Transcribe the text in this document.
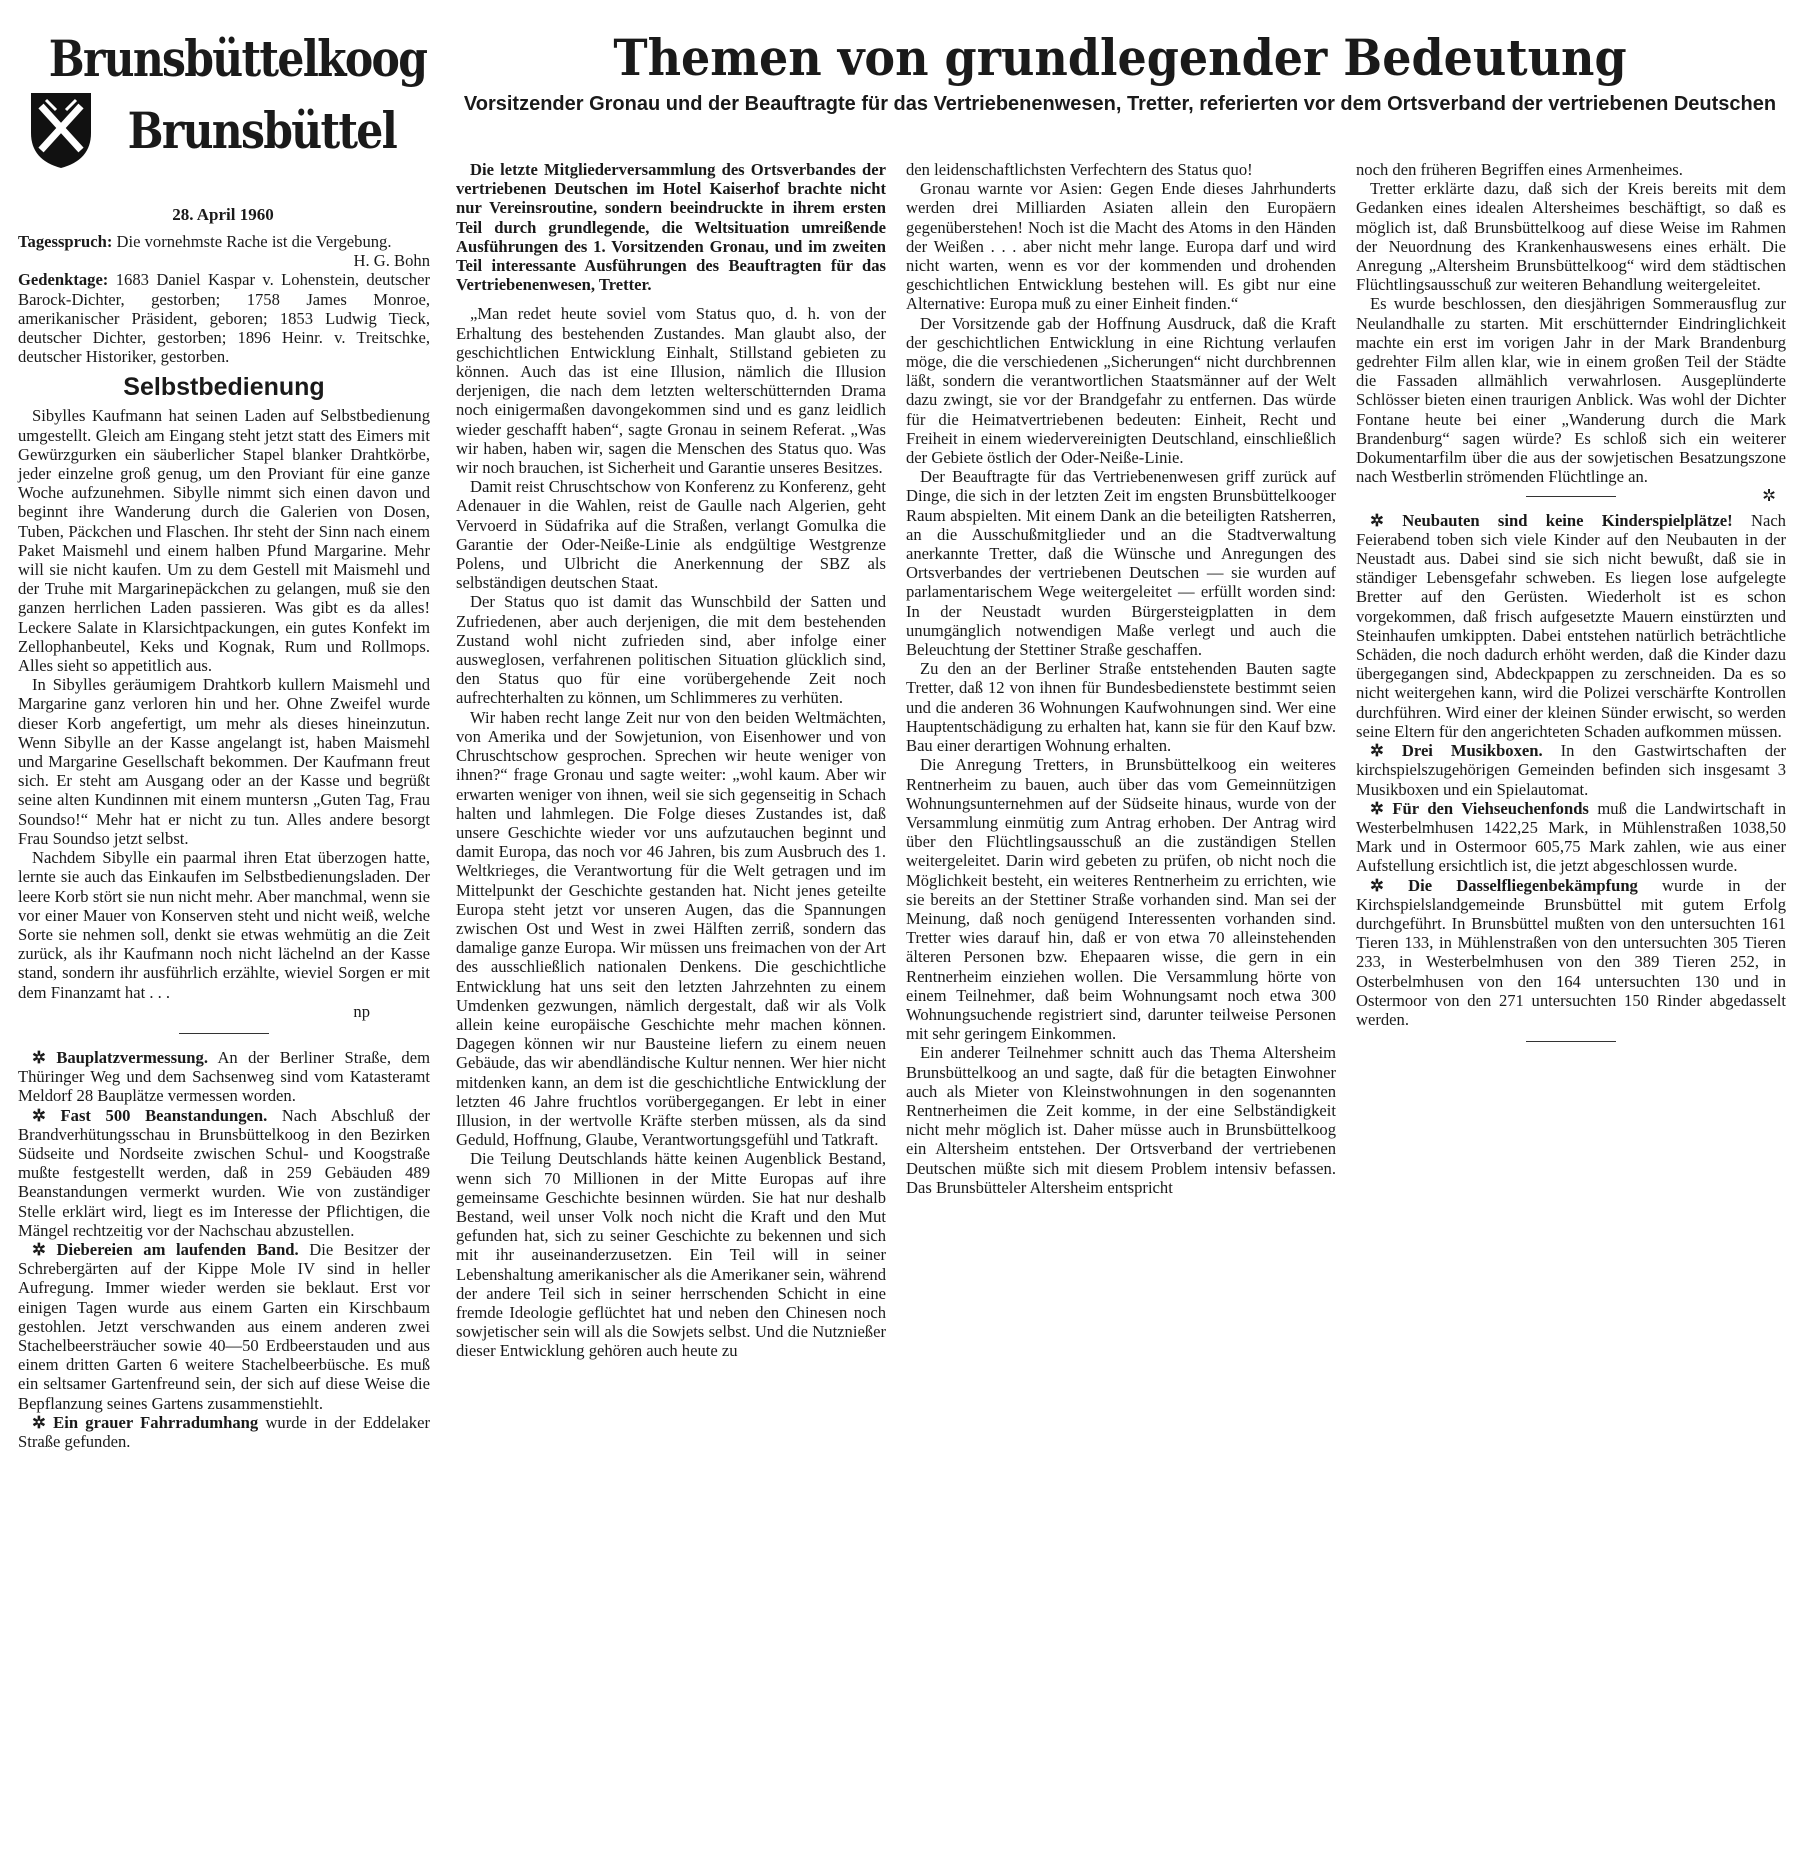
Brunsbüttelkoog
Brunsbüttel
28. April 1960
Themen von grundlegender Bedeutung
Vorsitzender Gronau und der Beauftragte für das Vertriebenenwesen, Tretter, referierten vor dem Ortsverband der vertriebenen Deutschen

Tagesspruch: Die vornehmste Rache ist die Vergebung.
H. G. Bohn

Gedenktage: 1683 Daniel Kaspar v. Lohenstein, deutscher Barock-Dichter, gestorben; 1758 James Monroe, amerikanischer Präsident, geboren; 1853 Ludwig Tieck, deutscher Dichter, gestorben; 1896 Heinr. v. Treitschke, deutscher Historiker, gestorben.

Selbstbedienung

Sibylles Kaufmann hat seinen Laden auf Selbstbedienung umgestellt. Gleich am Eingang steht jetzt statt des Eimers mit Gewürzgurken ein säuberlicher Stapel blanker Drahtkörbe, jeder einzelne groß genug, um den Proviant für eine ganze Woche aufzunehmen. Sibylle nimmt sich einen davon und beginnt ihre Wanderung durch die Galerien von Dosen, Tuben, Päckchen und Flaschen. Ihr steht der Sinn nach einem Paket Maismehl und einem halben Pfund Margarine. Mehr will sie nicht kaufen. Um zu dem Gestell mit Maismehl und der Truhe mit Margarinepäckchen zu gelangen, muß sie den ganzen herrlichen Laden passieren. Was gibt es da alles! Leckere Salate in Klarsichtpackungen, ein gutes Konfekt im Zellophanbeutel, Keks und Kognak, Rum und Rollmops. Alles sieht so appetitlich aus.

In Sibylles geräumigem Drahtkorb kullern Maismehl und Margarine ganz verloren hin und her. Ohne Zweifel wurde dieser Korb angefertigt, um mehr als dieses hineinzutun. Wenn Sibylle an der Kasse angelangt ist, haben Maismehl und Margarine Gesellschaft bekommen. Der Kaufmann freut sich. Er steht am Ausgang oder an der Kasse und begrüßt seine alten Kundinnen mit einem muntersn „Guten Tag, Frau Soundso!“ Mehr hat er nicht zu tun. Alles andere besorgt Frau Soundso jetzt selbst.

Nachdem Sibylle ein paarmal ihren Etat überzogen hatte, lernte sie auch das Einkaufen im Selbstbedienungsladen. Der leere Korb stört sie nun nicht mehr. Aber manchmal, wenn sie vor einer Mauer von Konserven steht und nicht weiß, welche Sorte sie nehmen soll, denkt sie etwas wehmütig an die Zeit zurück, als ihr Kaufmann noch nicht lächelnd an der Kasse stand, sondern ihr ausführlich erzählte, wieviel Sorgen er mit dem Finanzamt hat . . .

np

✲ Bauplatzvermessung. An der Berliner Straße, dem Thüringer Weg und dem Sachsenweg sind vom Katasteramt Meldorf 28 Bauplätze vermessen worden.

✲ Fast 500 Beanstandungen. Nach Abschluß der Brandverhütungsschau in Brunsbüttelkoog in den Bezirken Südseite und Nordseite zwischen Schul- und Koogstraße mußte festgestellt werden, daß in 259 Gebäuden 489 Beanstandungen vermerkt wurden. Wie von zuständiger Stelle erklärt wird, liegt es im Interesse der Pflichtigen, die Mängel rechtzeitig vor der Nachschau abzustellen.

✲ Diebereien am laufenden Band. Die Besitzer der Schrebergärten auf der Kippe Mole IV sind in heller Aufregung. Immer wieder werden sie beklaut. Erst vor einigen Tagen wurde aus einem Garten ein Kirschbaum gestohlen. Jetzt verschwanden aus einem anderen zwei Stachelbeersträucher sowie 40—50 Erdbeerstauden und aus einem dritten Garten 6 weitere Stachelbeerbüsche. Es muß ein seltsamer Gartenfreund sein, der sich auf diese Weise die Bepflanzung seines Gartens zusammenstiehlt.

✲ Ein grauer Fahrradumhang wurde in der Eddelaker Straße gefunden.

Die letzte Mitgliederversammlung des Ortsverbandes der vertriebenen Deutschen im Hotel Kaiserhof brachte nicht nur Vereinsroutine, sondern beeindruckte in ihrem ersten Teil durch grundlegende, die Weltsituation umreißende Ausführungen des 1. Vorsitzenden Gronau, und im zweiten Teil interessante Ausführungen des Beauftragten für das Vertriebenenwesen, Tretter.

„Man redet heute soviel vom Status quo, d. h. von der Erhaltung des bestehenden Zustandes. Man glaubt also, der geschichtlichen Entwicklung Einhalt, Stillstand gebieten zu können. Auch das ist eine Illusion, nämlich die Illusion derjenigen, die nach dem letzten welterschütternden Drama noch einigermaßen davongekommen sind und es ganz leidlich wieder geschafft haben“, sagte Gronau in seinem Referat. „Was wir haben, haben wir, sagen die Menschen des Status quo. Was wir noch brauchen, ist Sicherheit und Garantie unseres Besitzes.

Damit reist Chruschtschow von Konferenz zu Konferenz, geht Adenauer in die Wahlen, reist de Gaulle nach Algerien, geht Vervoerd in Südafrika auf die Straßen, verlangt Gomulka die Garantie der Oder-Neiße-Linie als endgültige Westgrenze Polens, und Ulbricht die Anerkennung der SBZ als selbständigen deutschen Staat.

Der Status quo ist damit das Wunschbild der Satten und Zufriedenen, aber auch derjenigen, die mit dem bestehenden Zustand wohl nicht zufrieden sind, aber infolge einer ausweglosen, verfahrenen politischen Situation glücklich sind, den Status quo für eine vorübergehende Zeit noch aufrechterhalten zu können, um Schlimmeres zu verhüten.

Wir haben recht lange Zeit nur von den beiden Weltmächten, von Amerika und der Sowjetunion, von Eisenhower und von Chruschtschow gesprochen. Sprechen wir heute weniger von ihnen?“ frage Gronau und sagte weiter: „wohl kaum. Aber wir erwarten weniger von ihnen, weil sie sich gegenseitig in Schach halten und lahmlegen. Die Folge dieses Zustandes ist, daß unsere Geschichte wieder vor uns aufzutauchen beginnt und damit Europa, das noch vor 46 Jahren, bis zum Ausbruch des 1. Weltkrieges, die Verantwortung für die Welt getragen und im Mittelpunkt der Geschichte gestanden hat. Nicht jenes geteilte Europa steht jetzt vor unseren Augen, das die Spannungen zwischen Ost und West in zwei Hälften zerriß, sondern das damalige ganze Europa. Wir müssen uns freimachen von der Art des ausschließlich nationalen Denkens. Die geschichtliche Entwicklung hat uns seit den letzten Jahrzehnten zu einem Umdenken gezwungen, nämlich dergestalt, daß wir als Volk allein keine europäische Geschichte mehr machen können. Dagegen können wir nur Bausteine liefern zu einem neuen Gebäude, das wir abendländische Kultur nennen. Wer hier nicht mitdenken kann, an dem ist die geschichtliche Entwicklung der letzten 46 Jahre fruchtlos vorübergegangen. Er lebt in einer Illusion, in der wertvolle Kräfte sterben müssen, als da sind Geduld, Hoffnung, Glaube, Verantwortungsgefühl und Tatkraft.

Die Teilung Deutschlands hätte keinen Augenblick Bestand, wenn sich 70 Millionen in der Mitte Europas auf ihre gemeinsame Geschichte besinnen würden. Sie hat nur deshalb Bestand, weil unser Volk noch nicht die Kraft und den Mut gefunden hat, sich zu seiner Geschichte zu bekennen und sich mit ihr auseinanderzusetzen. Ein Teil will in seiner Lebenshaltung amerikanischer als die Amerikaner sein, während der andere Teil sich in seiner herrschenden Schicht in eine fremde Ideologie geflüchtet hat und neben den Chinesen noch sowjetischer sein will als die Sowjets selbst. Und die Nutznießer dieser Entwicklung gehören auch heute zu

den leidenschaftlichsten Verfechtern des Status quo!

Gronau warnte vor Asien: Gegen Ende dieses Jahrhunderts werden drei Milliarden Asiaten allein den Europäern gegenüberstehen! Noch ist die Macht des Atoms in den Händen der Weißen . . . aber nicht mehr lange. Europa darf und wird nicht warten, wenn es vor der kommenden und drohenden geschichtlichen Entwicklung bestehen will. Es gibt nur eine Alternative: Europa muß zu einer Einheit finden.“

Der Vorsitzende gab der Hoffnung Ausdruck, daß die Kraft der geschichtlichen Entwicklung in eine Richtung verlaufen möge, die die verschiedenen „Sicherungen“ nicht durchbrennen läßt, sondern die verantwortlichen Staatsmänner auf der Welt dazu zwingt, sie vor der Brandgefahr zu entfernen. Das würde für die Heimatvertriebenen bedeuten: Einheit, Recht und Freiheit in einem wiedervereinigten Deutschland, einschließlich der Gebiete östlich der Oder-Neiße-Linie.

Der Beauftragte für das Vertriebenenwesen griff zurück auf Dinge, die sich in der letzten Zeit im engsten Brunsbüttelkooger Raum abspielten. Mit einem Dank an die beteiligten Ratsherren, an die Ausschußmitglieder und an die Stadtverwaltung anerkannte Tretter, daß die Wünsche und Anregungen des Ortsverbandes der vertriebenen Deutschen — sie wurden auf parlamentarischem Wege weitergeleitet — erfüllt worden sind: In der Neustadt wurden Bürgersteigplatten in dem unumgänglich notwendigen Maße verlegt und auch die Beleuchtung der Stettiner Straße geschaffen.

Zu den an der Berliner Straße entstehenden Bauten sagte Tretter, daß 12 von ihnen für Bundesbedienstete bestimmt seien und die anderen 36 Wohnungen Kaufwohnungen sind. Wer eine Hauptentschädigung zu erhalten hat, kann sie für den Kauf bzw. Bau einer derartigen Wohnung erhalten.

Die Anregung Tretters, in Brunsbüttelkoog ein weiteres Rentnerheim zu bauen, auch über das vom Gemeinnützigen Wohnungsunternehmen auf der Südseite hinaus, wurde von der Versammlung einmütig zum Antrag erhoben. Der Antrag wird über den Flüchtlingsausschuß an die zuständigen Stellen weitergeleitet. Darin wird gebeten zu prüfen, ob nicht noch die Möglichkeit besteht, ein weiteres Rentnerheim zu errichten, wie sie bereits an der Stettiner Straße vorhanden sind. Man sei der Meinung, daß noch genügend Interessenten vorhanden sind. Tretter wies darauf hin, daß er von etwa 70 alleinstehenden älteren Personen bzw. Ehepaaren wisse, die gern in ein Rentnerheim einziehen wollen. Die Versammlung hörte von einem Teilnehmer, daß beim Wohnungsamt noch etwa 300 Wohnungsuchende registriert sind, darunter teilweise Personen mit sehr geringem Einkommen.

Ein anderer Teilnehmer schnitt auch das Thema Altersheim Brunsbüttelkoog an und sagte, daß für die betagten Einwohner auch als Mieter von Kleinstwohnungen in den sogenannten Rentnerheimen die Zeit komme, in der eine Selbständigkeit nicht mehr möglich ist. Daher müsse auch in Brunsbüttelkoog ein Altersheim entstehen. Der Ortsverband der vertriebenen Deutschen müßte sich mit diesem Problem intensiv befassen. Das Brunsbütteler Altersheim entspricht

noch den früheren Begriffen eines Armenheimes.

Tretter erklärte dazu, daß sich der Kreis bereits mit dem Gedanken eines idealen Altersheimes beschäftigt, so daß es möglich ist, daß Brunsbüttelkoog auf diese Weise im Rahmen der Neuordnung des Krankenhauswesens eines erhält. Die Anregung „Altersheim Brunsbüttelkoog“ wird dem städtischen Flüchtlingsausschuß zur weiteren Behandlung weitergeleitet.

Es wurde beschlossen, den diesjährigen Sommerausflug zur Neulandhalle zu starten. Mit erschütternder Eindringlichkeit machte ein erst im vorigen Jahr in der Mark Brandenburg gedrehter Film allen klar, wie in einem großen Teil der Städte die Fassaden allmählich verwahrlosen. Ausgeplünderte Schlösser bieten einen traurigen Anblick. Was wohl der Dichter Fontane heute bei einer „Wanderung durch die Mark Brandenburg“ sagen würde? Es schloß sich ein weiterer Dokumentarfilm über die aus der sowjetischen Besatzungszone nach Westberlin strömenden Flüchtlinge an.

✲

✲ Neubauten sind keine Kinderspielplätze! Nach Feierabend toben sich viele Kinder auf den Neubauten in der Neustadt aus. Dabei sind sie sich nicht bewußt, daß sie in ständiger Lebensgefahr schweben. Es liegen lose aufgelegte Bretter auf den Gerüsten. Wiederholt ist es schon vorgekommen, daß frisch aufgesetzte Mauern einstürzten und Steinhaufen umkippten. Dabei entstehen natürlich beträchtliche Schäden, die noch dadurch erhöht werden, daß die Kinder dazu übergegangen sind, Abdeckpappen zu zerschneiden. Da es so nicht weitergehen kann, wird die Polizei verschärfte Kontrollen durchführen. Wird einer der kleinen Sünder erwischt, so werden seine Eltern für den angerichteten Schaden aufkommen müssen.

✲ Drei Musikboxen. In den Gastwirtschaften der kirchspielszugehörigen Gemeinden befinden sich insgesamt 3 Musikboxen und ein Spielautomat.

✲ Für den Viehseuchenfonds muß die Landwirtschaft in Westerbelmhusen 1422,25 Mark, in Mühlenstraßen 1038,50 Mark und in Ostermoor 605,75 Mark zahlen, wie aus einer Aufstellung ersichtlich ist, die jetzt abgeschlossen wurde.

✲ Die Dasselfliegenbekämpfung wurde in der Kirchspielslandgemeinde Brunsbüttel mit gutem Erfolg durchgeführt. In Brunsbüttel mußten von den untersuchten 161 Tieren 133, in Mühlenstraßen von den untersuchten 305 Tieren 233, in Westerbelmhusen von den 389 Tieren 252, in Osterbelmhusen von den 164 untersuchten 130 und in Ostermoor von den 271 untersuchten 150 Rinder abgedasselt werden.
